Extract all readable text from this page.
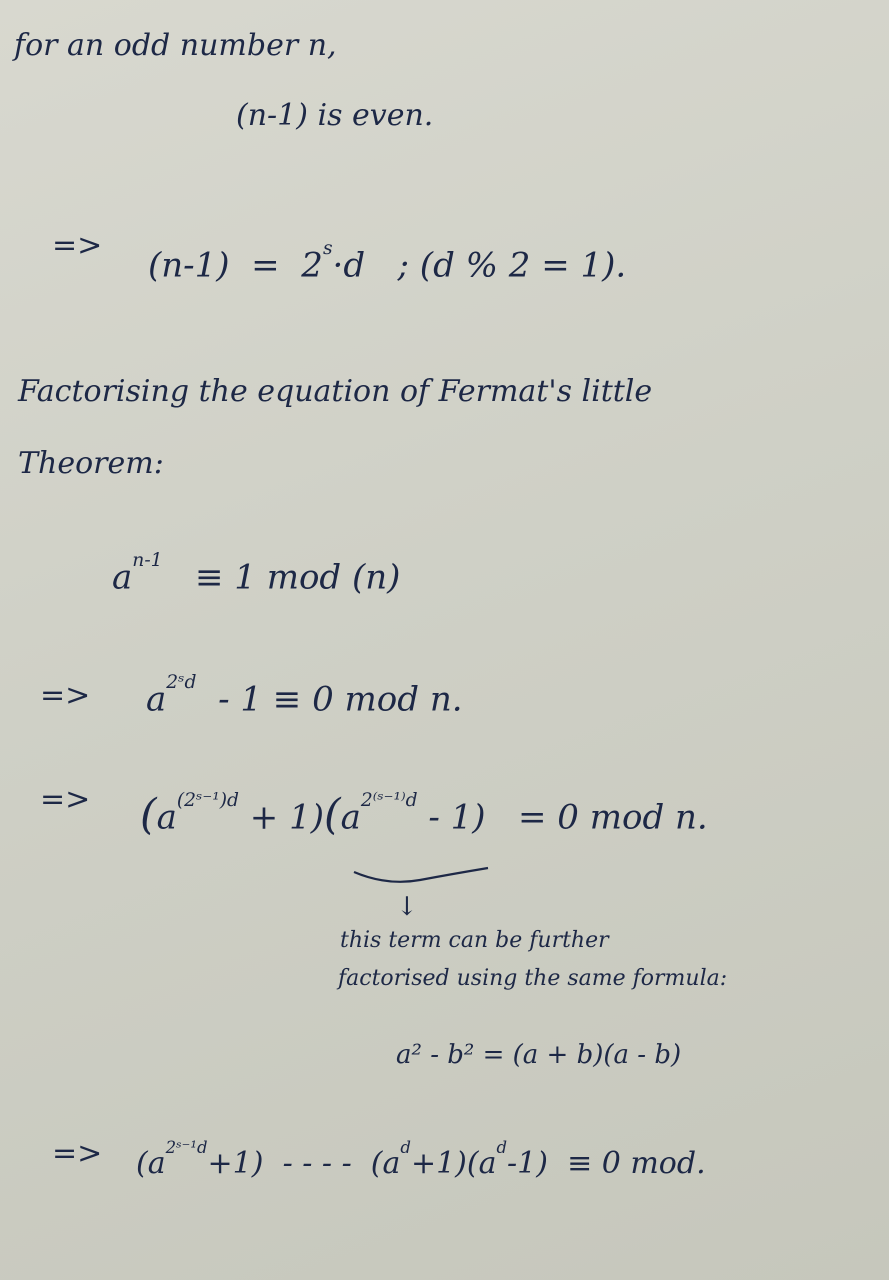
for an odd number n,
(n-1) is even.
=> $(n-1) = 2^s\cdot d$ ; (d % 2 = 1).
Factorising the equation of Fermat's little
Theorem:
$a^{n-1} \equiv 1$ mod (n)
=> $a^{2ˢd} - 1 \equiv 0$ mod n.
=> $(a^{(2ˢ^{-1})d} + 1)(a^{2^(ˢ^{-1)}d} - 1) = 0$ mod n.
↓
this term can be further
factorised using the same formula:
a² - b² = (a + b)(a - b)
=> $(a^{2ˢ^{-1}d}+1)$ - - - - $(a^d+1)(a^d-1) \equiv 0$ mod.
